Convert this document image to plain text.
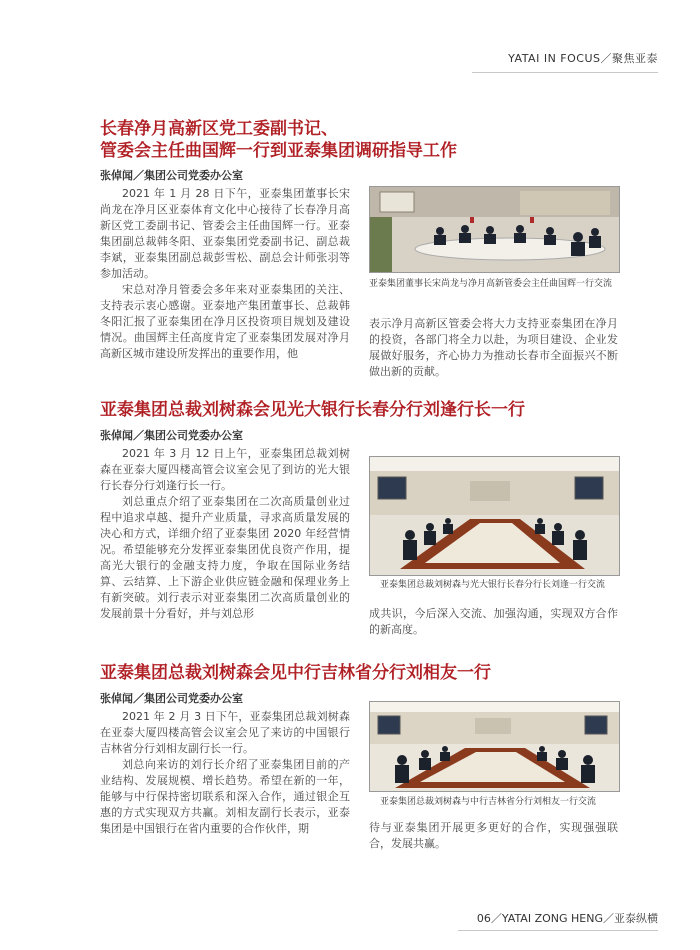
YATAI IN FOCUS／聚焦亚泰
长春净月高新区党工委副书记、
管委会主任曲国辉一行到亚泰集团调研指导工作
张倬闻／集团公司党委办公室

2021 年 1 月 28 日下午，亚泰集团董事长宋尚龙在净月区亚泰体育文化中心接待了长春净月高新区党工委副书记、管委会主任曲国辉一行。亚泰集团副总裁韩冬阳、亚泰集团党委副书记、副总裁李斌，亚泰集团副总裁彭雪松、副总会计师张羽等参加活动。

宋总对净月管委会多年来对亚泰集团的关注、支持表示衷心感谢。亚泰地产集团董事长、总裁韩冬阳汇报了亚泰集团在净月区投资项目规划及建设情况。曲国辉主任高度肯定了亚泰集团发展对净月高新区城市建设所发挥出的重要作用，他

亚泰集团董事长宋尚龙与净月高新管委会主任曲国辉一行交流

表示净月高新区管委会将大力支持亚泰集团在净月的投资，各部门将全力以赴，为项目建设、企业发展做好服务，齐心协力为推动长春市全面振兴不断做出新的贡献。

亚泰集团总裁刘树森会见光大银行长春分行刘逢行长一行
张倬闻／集团公司党委办公室

2021 年 3 月 12 日上午，亚泰集团总裁刘树森在亚泰大厦四楼高管会议室会见了到访的光大银行长春分行刘逢行长一行。

刘总重点介绍了亚泰集团在二次高质量创业过程中追求卓越、提升产业质量，寻求高质量发展的决心和方式，详细介绍了亚泰集团 2020 年经营情况。希望能够充分发挥亚泰集团优良资产作用，提高光大银行的金融支持力度，争取在国际业务结算、云结算、上下游企业供应链金融和保理业务上有新突破。刘行表示对亚泰集团二次高质量创业的发展前景十分看好，并与刘总形

亚泰集团总裁刘树森与光大银行长春分行长刘逢一行交流

成共识，今后深入交流、加强沟通，实现双方合作的新高度。

亚泰集团总裁刘树森会见中行吉林省分行刘相友一行
张倬闻／集团公司党委办公室

2021 年 2 月 3 日下午，亚泰集团总裁刘树森在亚泰大厦四楼高管会议室会见了来访的中国银行吉林省分行刘相友副行长一行。

刘总向来访的刘行长介绍了亚泰集团目前的产业结构、发展规模、增长趋势。希望在新的一年，能够与中行保持密切联系和深入合作，通过银企互惠的方式实现双方共赢。刘相友副行长表示，亚泰集团是中国银行在省内重要的合作伙伴，期

亚泰集团总裁刘树森与中行吉林省分行刘相友一行交流

待与亚泰集团开展更多更好的合作，实现强强联合，发展共赢。

06／YATAI ZONG HENG／亚泰纵横
